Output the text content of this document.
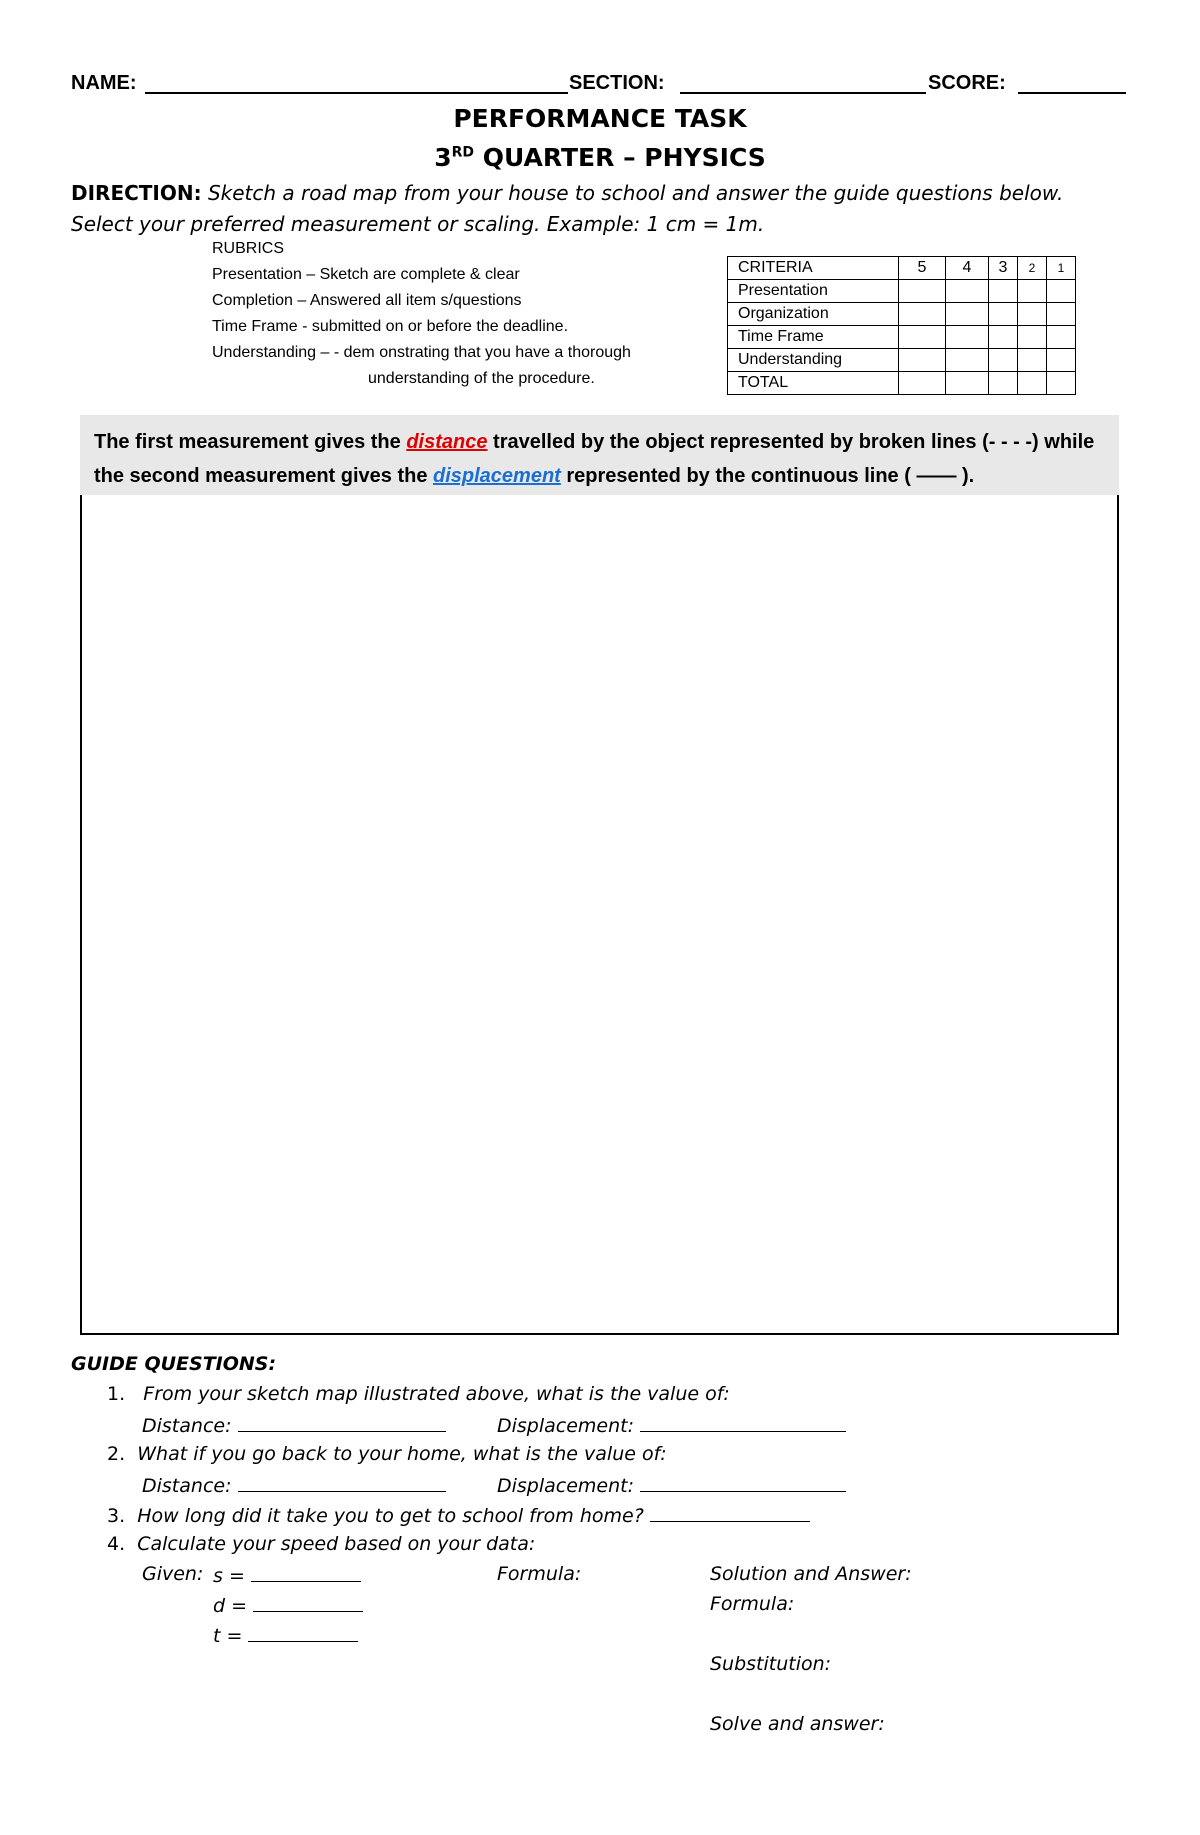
NAME:	SECTION:	SCORE:
PERFORMANCE TASK
3RD QUARTER – PHYSICS
DIRECTION: Sketch a road map from your house to school and answer the guide questions below. Select your preferred measurement or scaling. Example: 1 cm = 1m.
RUBRICS
Presentation – Sketch are complete & clear
Completion – Answered all item s/questions
Time Frame - submitted on or before the deadline.
Understanding – - dem onstrating that you have a thorough
understanding of the procedure.
CRITERIA	5	4	3	2	1
Presentation					
Organization					
Time Frame					
Understanding					
TOTAL					
The first measurement gives the distance travelled by the object represented by broken lines (- - - -) while the second measurement gives the displacement represented by the continuous line ( —— ).
GUIDE QUESTIONS:
1. From your sketch map illustrated above, what is the value of:
Distance:	Displacement:
2. What if you go back to your home, what is the value of:
Distance:	Displacement:
3. How long did it take you to get to school from home?
4. Calculate your speed based on your data:
Given: s =
d =
t =
Formula:	Solution and Answer:
Formula:
Substitution:
Solve and answer:
